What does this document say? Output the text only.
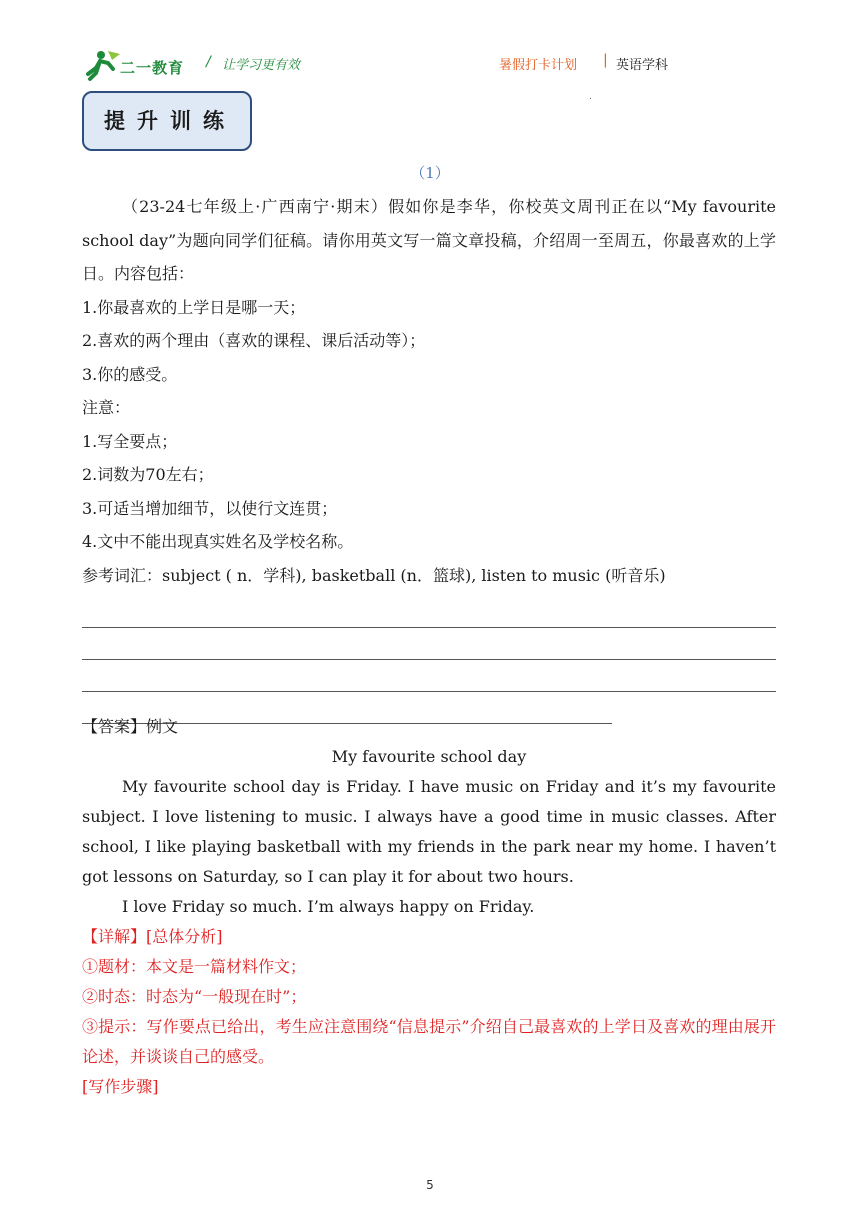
二一教育 / 让学习更有效	暑假打卡计划 | 英语学科
.
提升训练
（1）

（23-24七年级上·广西南宁·期末）假如你是李华，你校英文周刊正在以“My favourite school day”为题向同学们征稿。请你用英文写一篇文章投稿，介绍周一至周五，你最喜欢的上学日。内容包括：

1.你最喜欢的上学日是哪一天；

2.喜欢的两个理由（喜欢的课程、课后活动等）；

3.你的感受。

注意：

1.写全要点；

2.词数为70左右；

3.可适当增加细节，以使行文连贯；

4.文中不能出现真实姓名及学校名称。

参考词汇：subject ( n．学科), basketball (n．篮球), listen to music (听音乐)

【答案】例文

My favourite school day

My favourite school day is Friday. I have music on Friday and it’s my favourite subject. I love listening to music. I always have a good time in music classes. After school, I like playing basketball with my friends in the park near my home. I haven’t got lessons on Saturday, so I can play it for about two hours.

I love Friday so much. I’m always happy on Friday.

【详解】[总体分析]

①题材：本文是一篇材料作文；

②时态：时态为“一般现在时”；

③提示：写作要点已给出，考生应注意围绕“信息提示”介绍自己最喜欢的上学日及喜欢的理由展开论述，并谈谈自己的感受。

[写作步骤]

5
